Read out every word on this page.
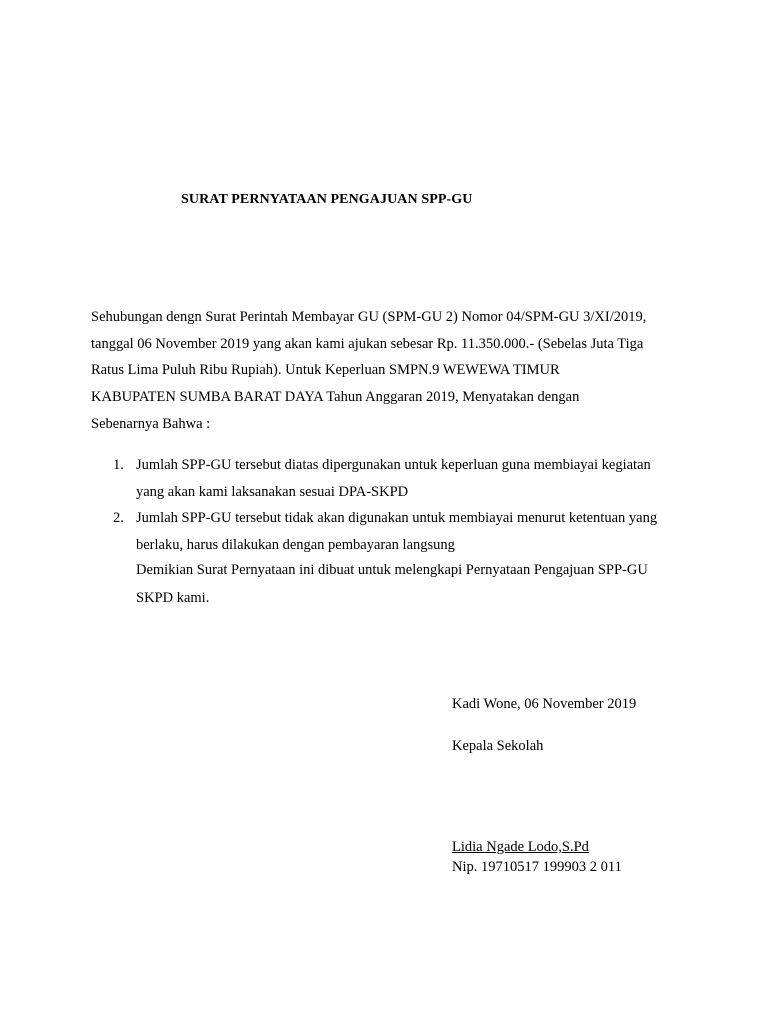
SURAT PERNYATAAN PENGAJUAN SPP-GU
Sehubungan dengn Surat Perintah Membayar GU (SPM-GU 2) Nomor 04/SPM-GU 3/XI/2019,
tanggal 06 November 2019 yang akan kami ajukan sebesar Rp. 11.350.000.- (Sebelas Juta Tiga
Ratus Lima Puluh Ribu Rupiah). Untuk Keperluan SMPN.9 WEWEWA TIMUR
KABUPATEN SUMBA BARAT DAYA Tahun Anggaran 2019, Menyatakan dengan
Sebenarnya Bahwa :
1. Jumlah SPP-GU tersebut diatas dipergunakan untuk keperluan guna membiayai kegiatan
yang akan kami laksanakan sesuai DPA-SKPD
2. Jumlah SPP-GU tersebut tidak akan digunakan untuk membiayai menurut ketentuan yang
berlaku, harus dilakukan dengan pembayaran langsung
Demikian Surat Pernyataan ini dibuat untuk melengkapi Pernyataan Pengajuan SPP-GU
SKPD kami.
Kadi Wone, 06 November 2019
Kepala Sekolah
Lidia Ngade Lodo,S.Pd
Nip. 19710517 199903 2 011
